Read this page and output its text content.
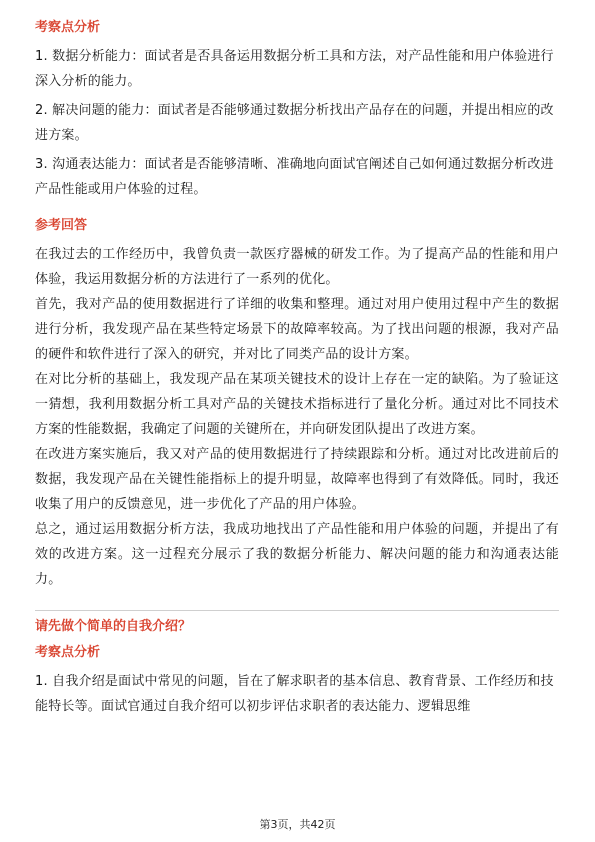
考察点分析

1. 数据分析能力：面试者是否具备运用数据分析工具和方法，对产品性能和用户体验进行深入分析的能力。

2. 解决问题的能力：面试者是否能够通过数据分析找出产品存在的问题，并提出相应的改进方案。

3. 沟通表达能力：面试者是否能够清晰、准确地向面试官阐述自己如何通过数据分析改进产品性能或用户体验的过程。

参考回答

在我过去的工作经历中，我曾负责一款医疗器械的研发工作。为了提高产品的性能和用户体验，我运用数据分析的方法进行了一系列的优化。

首先，我对产品的使用数据进行了详细的收集和整理。通过对用户使用过程中产生的数据进行分析，我发现产品在某些特定场景下的故障率较高。为了找出问题的根源，我对产品的硬件和软件进行了深入的研究，并对比了同类产品的设计方案。

在对比分析的基础上，我发现产品在某项关键技术的设计上存在一定的缺陷。为了验证这一猜想，我利用数据分析工具对产品的关键技术指标进行了量化分析。通过对比不同技术方案的性能数据，我确定了问题的关键所在，并向研发团队提出了改进方案。

在改进方案实施后，我又对产品的使用数据进行了持续跟踪和分析。通过对比改进前后的数据，我发现产品在关键性能指标上的提升明显，故障率也得到了有效降低。同时，我还收集了用户的反馈意见，进一步优化了产品的用户体验。

总之，通过运用数据分析方法，我成功地找出了产品性能和用户体验的问题，并提出了有效的改进方案。这一过程充分展示了我的数据分析能力、解决问题的能力和沟通表达能力。

请先做个简单的自我介绍？
考察点分析

1. 自我介绍是面试中常见的问题，旨在了解求职者的基本信息、教育背景、工作经历和技能特长等。面试官通过自我介绍可以初步评估求职者的表达能力、逻辑思维

第3页，共42页
